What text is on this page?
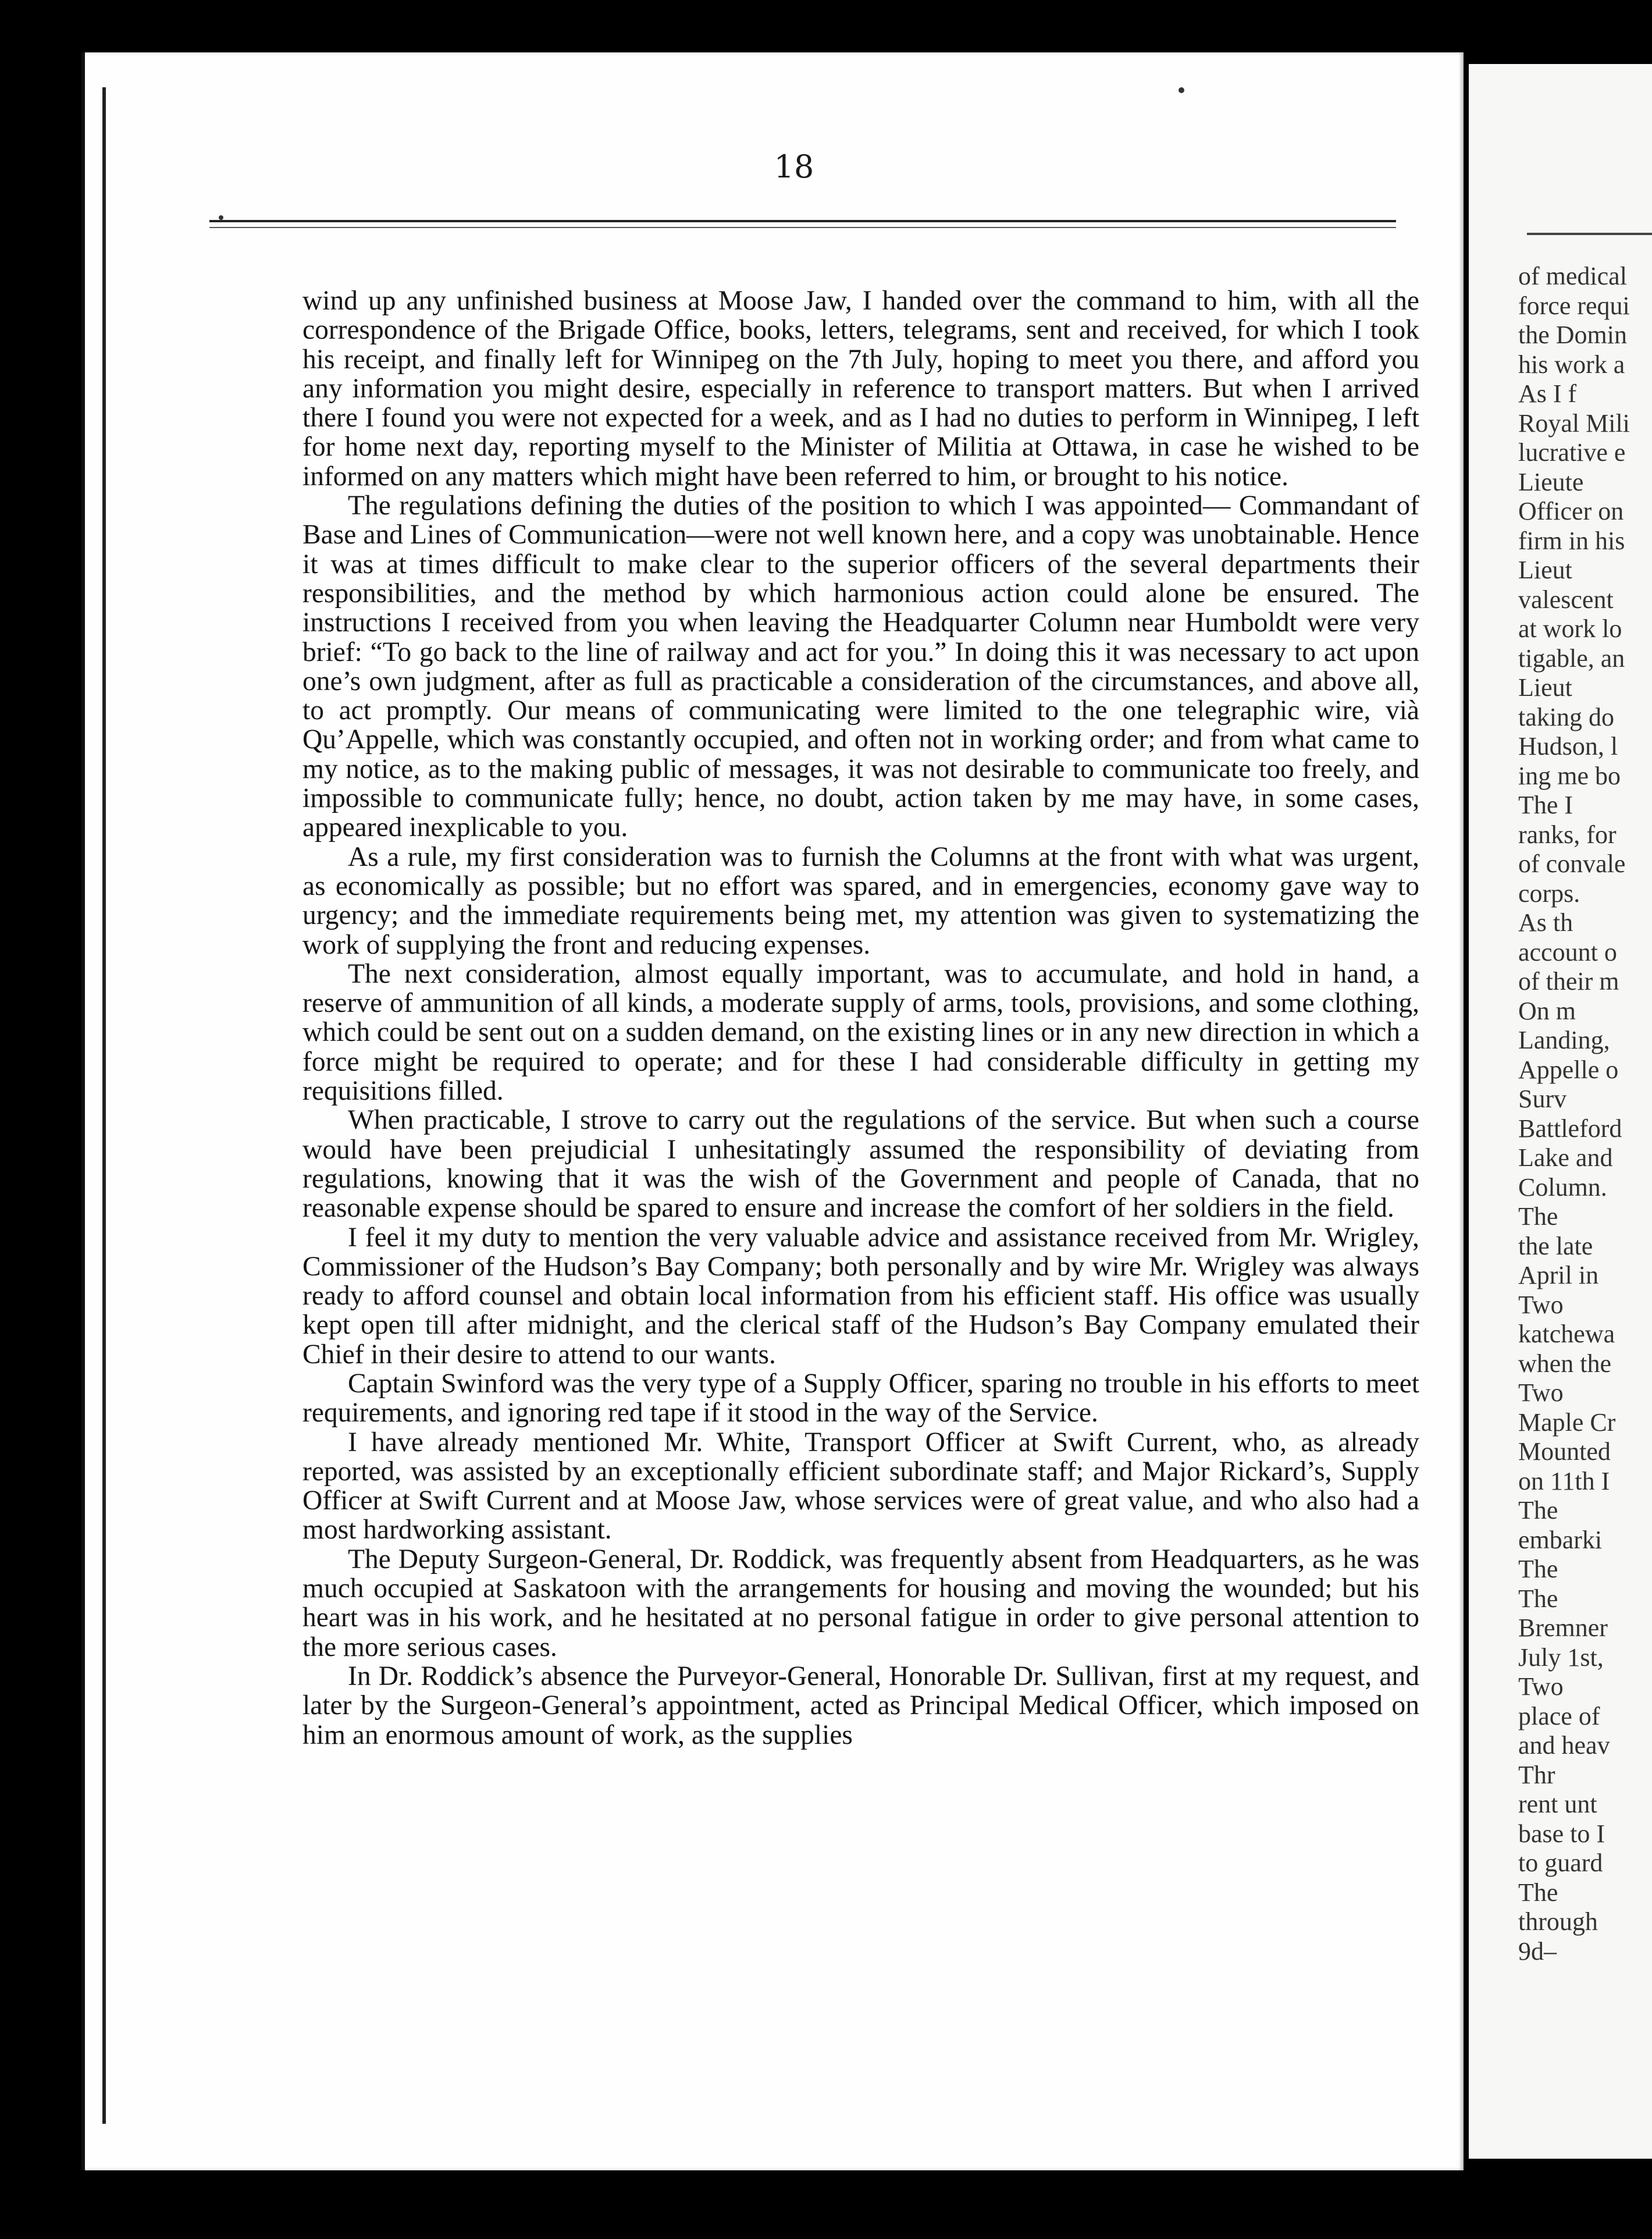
18

wind up any unfinished business at Moose Jaw, I handed over the command to him, with all the correspondence of the Brigade Office, books, letters, telegrams, sent and received, for which I took his receipt, and finally left for Winnipeg on the 7th July, hoping to meet you there, and afford you any information you might desire, especially in reference to transport matters. But when I arrived there I found you were not expected for a week, and as I had no duties to perform in Winnipeg, I left for home next day, reporting myself to the Minister of Militia at Ottawa, in case he wished to be informed on any matters which might have been referred to him, or brought to his notice.

The regulations defining the duties of the position to which I was appointed— Commandant of Base and Lines of Communication—were not well known here, and a copy was unobtainable. Hence it was at times difficult to make clear to the superior officers of the several departments their responsibilities, and the method by which harmonious action could alone be ensured. The instructions I received from you when leaving the Headquarter Column near Humboldt were very brief: “To go back to the line of railway and act for you.” In doing this it was necessary to act upon one’s own judgment, after as full as practicable a consideration of the circumstances, and above all, to act promptly. Our means of communicating were limited to the one telegraphic wire, vià Qu’Appelle, which was constantly occupied, and often not in working order; and from what came to my notice, as to the making public of messages, it was not desirable to communicate too freely, and impossible to communicate fully; hence, no doubt, action taken by me may have, in some cases, appeared inexplicable to you.

As a rule, my first consideration was to furnish the Columns at the front with what was urgent, as economically as possible; but no effort was spared, and in emergencies, economy gave way to urgency; and the immediate requirements being met, my attention was given to systematizing the work of supplying the front and reducing expenses.

The next consideration, almost equally important, was to accumulate, and hold in hand, a reserve of ammunition of all kinds, a moderate supply of arms, tools, provisions, and some clothing, which could be sent out on a sudden demand, on the existing lines or in any new direction in which a force might be required to operate; and for these I had considerable difficulty in getting my requisitions filled.

When practicable, I strove to carry out the regulations of the service. But when such a course would have been prejudicial I unhesitatingly assumed the responsibility of deviating from regulations, knowing that it was the wish of the Government and people of Canada, that no reasonable expense should be spared to ensure and increase the comfort of her soldiers in the field.

I feel it my duty to mention the very valuable advice and assistance received from Mr. Wrigley, Commissioner of the Hudson’s Bay Company; both personally and by wire Mr. Wrigley was always ready to afford counsel and obtain local information from his efficient staff. His office was usually kept open till after midnight, and the clerical staff of the Hudson’s Bay Company emulated their Chief in their desire to attend to our wants.

Captain Swinford was the very type of a Supply Officer, sparing no trouble in his efforts to meet requirements, and ignoring red tape if it stood in the way of the Service.

I have already mentioned Mr. White, Transport Officer at Swift Current, who, as already reported, was assisted by an exceptionally efficient subordinate staff; and Major Rickard’s, Supply Officer at Swift Current and at Moose Jaw, whose services were of great value, and who also had a most hardworking assistant.

The Deputy Surgeon-General, Dr. Roddick, was frequently absent from Headquarters, as he was much occupied at Saskatoon with the arrangements for housing and moving the wounded; but his heart was in his work, and he hesitated at no personal fatigue in order to give personal attention to the more serious cases.

In Dr. Roddick’s absence the Purveyor-General, Honorable Dr. Sullivan, first at my request, and later by the Surgeon-General’s appointment, acted as Principal Medical Officer, which imposed on him an enormous amount of work, as the supplies

of medical
force requi
the Domin
his work a
As I f
Royal Mili
lucrative e
Lieute
Officer on
firm in his
Lieut
valescent
at work lo
tigable, an
Lieut
taking do
Hudson, l
ing me bo
The I
ranks, for
of convale
corps.
As th
account o
of their m
On m
Landing,
Appelle o
Surv
Battleford
Lake and
Column.
The
the late
April in
Two
katchewa
when the
Two
Maple Cr
Mounted
on 11th I
The
embarki
The
The
Bremner
July 1st,
Two
place of
and heav
Thr
rent unt
base to I
to guard
The
through
9d–
